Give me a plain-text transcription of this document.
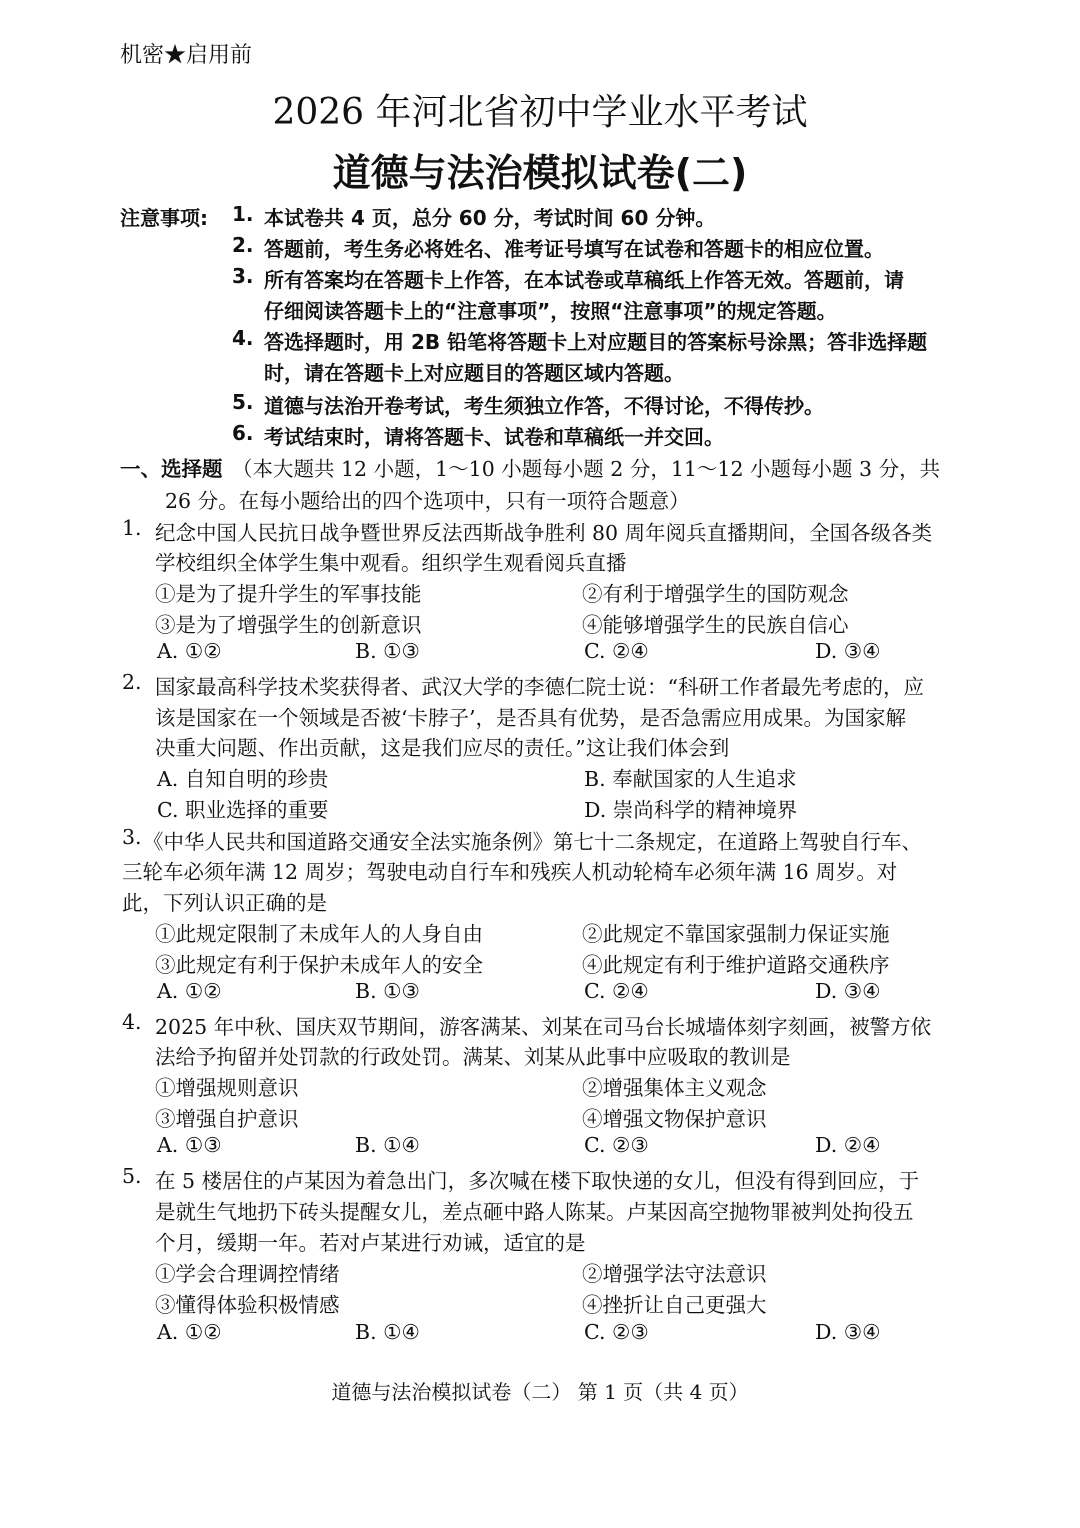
机密★启用前
2026 年河北省初中学业水平考试
道德与法治模拟试卷(二)
注意事项: 1. 本试卷共 4 页，总分 60 分，考试时间 60 分钟。
2. 答题前，考生务必将姓名、准考证号填写在试卷和答题卡的相应位置。
3. 所有答案均在答题卡上作答，在本试卷或草稿纸上作答无效。答题前，请
仔细阅读答题卡上的“注意事项”，按照“注意事项”的规定答题。
4. 答选择题时，用 2B 铅笔将答题卡上对应题目的答案标号涂黑；答非选择题
时，请在答题卡上对应题目的答题区域内答题。
5. 道德与法治开卷考试，考生须独立作答，不得讨论，不得传抄。
6. 考试结束时，请将答题卡、试卷和草稿纸一并交回。
一、选择题 （本大题共 12 小题，1～10 小题每小题 2 分，11～12 小题每小题 3 分，共
26 分。在每小题给出的四个选项中，只有一项符合题意）
1. 纪念中国人民抗日战争暨世界反法西斯战争胜利 80 周年阅兵直播期间，全国各级各类
学校组织全体学生集中观看。组织学生观看阅兵直播
①是为了提升学生的军事技能	②有利于增强学生的国防观念
③是为了增强学生的创新意识	④能够增强学生的民族自信心
A. ①②	B. ①③	C. ②④	D. ③④
2. 国家最高科学技术奖获得者、武汉大学的李德仁院士说：“科研工作者最先考虑的，应
该是国家在一个领域是否被‘卡脖子’，是否具有优势，是否急需应用成果。为国家解
决重大问题、作出贡献，这是我们应尽的责任。”这让我们体会到
A. 自知自明的珍贵	B. 奉献国家的人生追求
C. 职业选择的重要	D. 崇尚科学的精神境界
3. 《中华人民共和国道路交通安全法实施条例》第七十二条规定，在道路上驾驶自行车、
三轮车必须年满 12 周岁；驾驶电动自行车和残疾人机动轮椅车必须年满 16 周岁。对
此，下列认识正确的是
①此规定限制了未成年人的人身自由	②此规定不靠国家强制力保证实施
③此规定有利于保护未成年人的安全	④此规定有利于维护道路交通秩序
A. ①②	B. ①③	C. ②④	D. ③④
4. 2025 年中秋、国庆双节期间，游客满某、刘某在司马台长城墙体刻字刻画，被警方依
法给予拘留并处罚款的行政处罚。满某、刘某从此事中应吸取的教训是
①增强规则意识	②增强集体主义观念
③增强自护意识	④增强文物保护意识
A. ①③	B. ①④	C. ②③	D. ②④
5. 在 5 楼居住的卢某因为着急出门，多次喊在楼下取快递的女儿，但没有得到回应，于
是就生气地扔下砖头提醒女儿，差点砸中路人陈某。卢某因高空抛物罪被判处拘役五
个月，缓期一年。若对卢某进行劝诫，适宜的是
①学会合理调控情绪	②增强学法守法意识
③懂得体验积极情感	④挫折让自己更强大
A. ①②	B. ①④	C. ②③	D. ③④
道德与法治模拟试卷（二） 第 1 页（共 4 页）
